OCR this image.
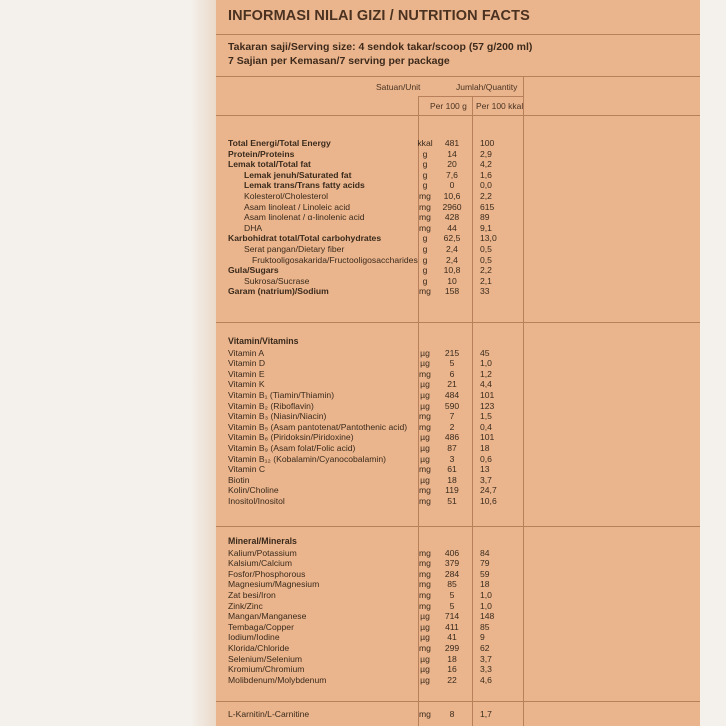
INFORMASI NILAI GIZI / NUTRITION FACTS
Takaran saji/Serving size: 4 sendok takar/scoop (57 g/200 ml)
7 Sajian per Kemasan/7 serving per package
Satuan/Unit	Jumlah/Quantity
Per 100 g Per 100 kkal
Total Energi/Total Energy	kkal	481	100
Protein/Proteins	g	14	2,9
Lemak total/Total fat	g	20	4,2
Lemak jenuh/Saturated fat	g	7,6	1,6
Lemak trans/Trans fatty acids	g	0	0,0
Kolesterol/Cholesterol	mg	10,6	2,2
Asam linoleat / Linoleic acid	mg	2960	615
Asam linolenat / α-linolenic acid	mg	428	89
DHA	mg	44	9,1
Karbohidrat total/Total carbohydrates	g	62,5	13,0
Serat pangan/Dietary fiber	g	2,4	0,5
Fruktooligosakarida/Fructooligosaccharides g	2,4	0,5
Gula/Sugars	g	10,8	2,2
Sukrosa/Sucrase	g	10	2,1
Garam (natrium)/Sodium	mg	158	33
Vitamin/Vitamins
Vitamin A	µg	215	45
Vitamin D	µg	5	1,0
Vitamin E	mg	6	1,2
Vitamin K	µg	21	4,4
Vitamin B₁ (Tiamin/Thiamin)	µg	484	101
Vitamin B₂ (Riboflavin)	µg	590	123
Vitamin B₃ (Niasin/Niacin)	mg	7	1,5
Vitamin B₅ (Asam pantotenat/Pantothenic acid)	mg	2	0,4
Vitamin B₆ (Piridoksin/Piridoxine)	µg	486	101
Vitamin B₉ (Asam folat/Folic acid)	µg	87	18
Vitamin B₁₂ (Kobalamin/Cyanocobalamin)	µg	3	0,6
Vitamin C	mg	61	13
Biotin	µg	18	3,7
Kolin/Choline	mg	119	24,7
Inositol/Inositol	mg	51	10,6
Mineral/Minerals
Kalium/Potassium	mg	406	84
Kalsium/Calcium	mg	379	79
Fosfor/Phosphorous	mg	284	59
Magnesium/Magnesium	mg	85	18
Zat besi/Iron	mg	5	1,0
Zink/Zinc	mg	5	1,0
Mangan/Manganese	µg	714	148
Tembaga/Copper	µg	411	85
Iodium/Iodine	µg	41	9
Klorida/Chloride	mg	299	62
Selenium/Selenium	µg	18	3,7
Kromium/Chromium	µg	16	3,3
Molibdenum/Molybdenum	µg	22	4,6
L-Karnitin/L-Carnitine	mg	8	1,7
